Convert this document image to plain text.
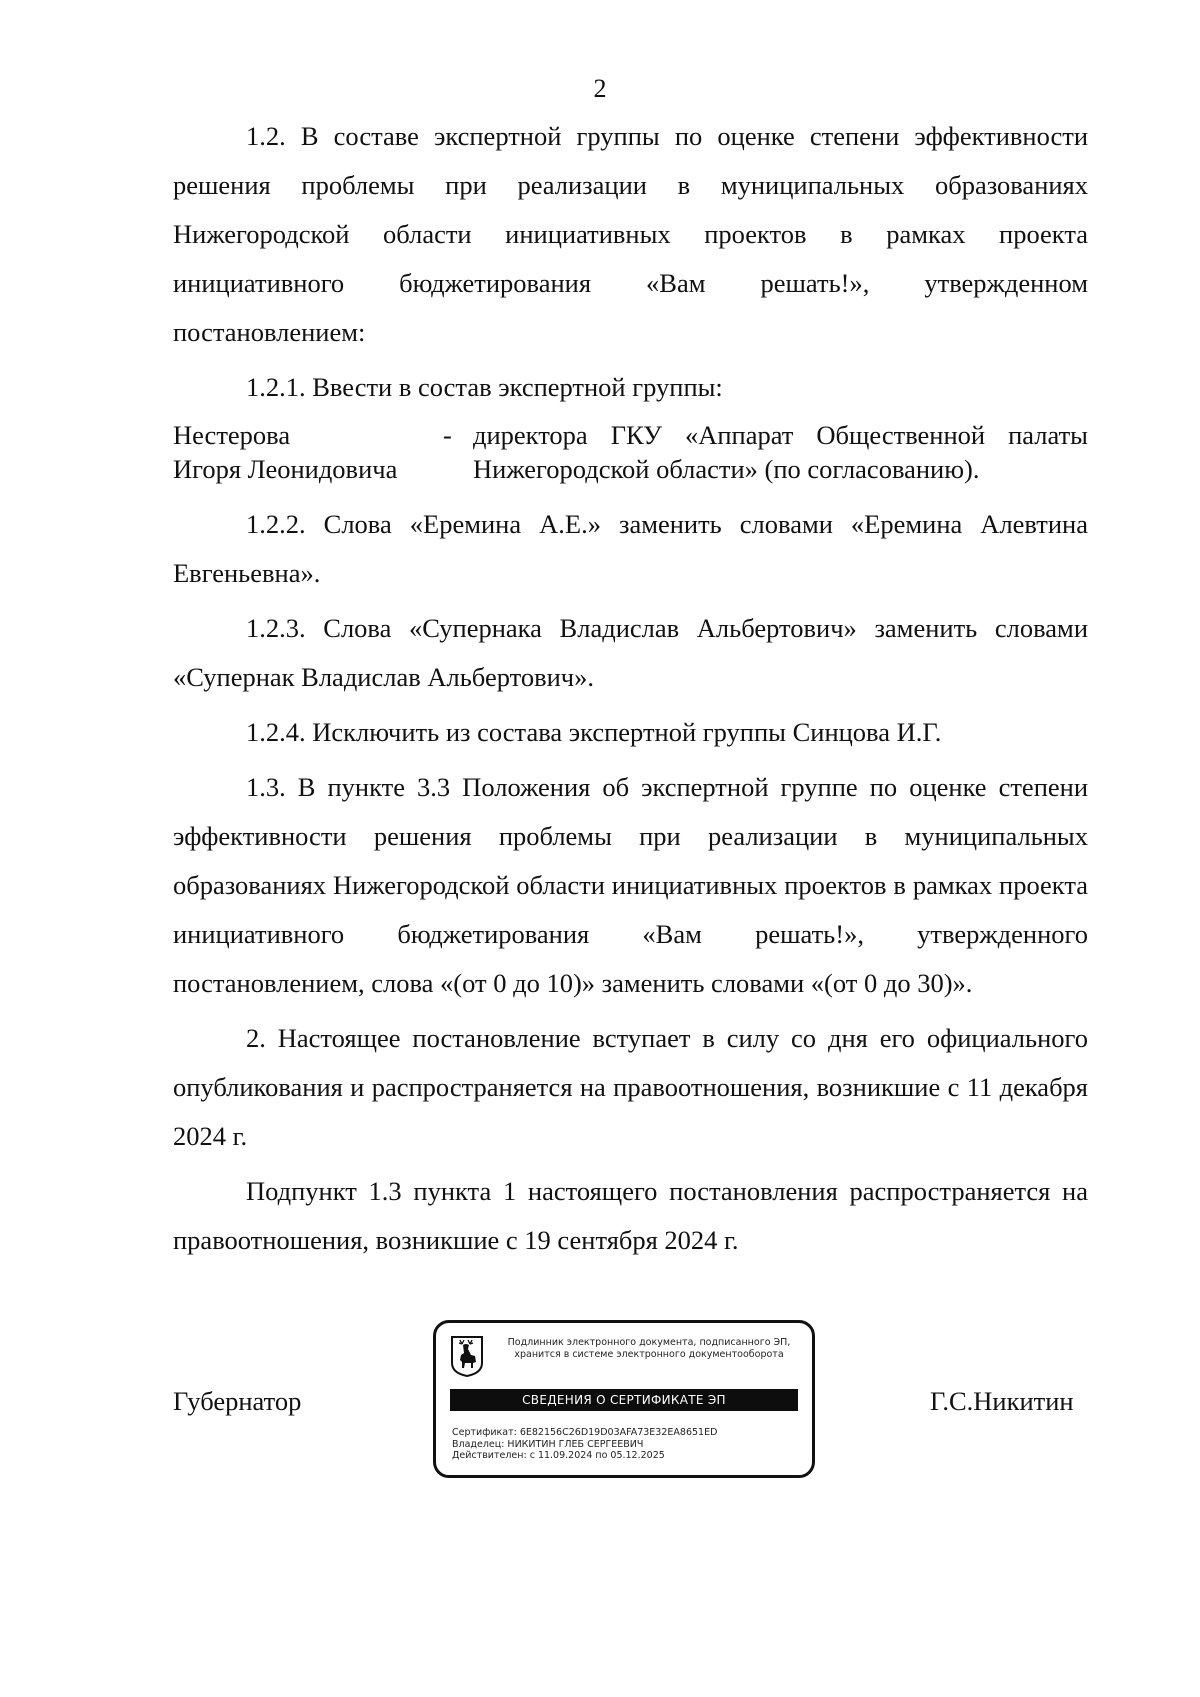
2

1.2. В составе экспертной группы по оценке степени эффективности решения проблемы при реализации в муниципальных образованиях Нижегородской области инициативных проектов в рамках проекта инициативного бюджетирования «Вам решать!», утвержденном постановлением:

1.2.1. Ввести в состав экспертной группы:

Нестерова
Игоря Леонидовича
- директора ГКУ «Аппарат Общественной палаты Нижегородской области» (по согласованию).

1.2.2. Слова «Еремина А.Е.» заменить словами «Еремина Алевтина Евгеньевна».

1.2.3. Слова «Супернака Владислав Альбертович» заменить словами «Супернак Владислав Альбертович».

1.2.4. Исключить из состава экспертной группы Синцова И.Г.

1.3. В пункте 3.3 Положения об экспертной группе по оценке степени эффективности решения проблемы при реализации в муниципальных образованиях Нижегородской области инициативных проектов в рамках проекта инициативного бюджетирования «Вам решать!», утвержденного постановлением, слова «(от 0 до 10)» заменить словами «(от 0 до 30)».

2. Настоящее постановление вступает в силу со дня его официального опубликования и распространяется на правоотношения, возникшие с 11 декабря 2024 г.

Подпункт 1.3 пункта 1 настоящего постановления распространяется на правоотношения, возникшие с 19 сентября 2024 г.

Губернатор
Подлинник электронного документа, подписанного ЭП,
хранится в системе электронного документооборота
СВЕДЕНИЯ О СЕРТИФИКАТЕ ЭП
Сертификат: 6E82156C26D19D03AFA73E32EA8651ED
Владелец: НИКИТИН ГЛЕБ СЕРГЕЕВИЧ
Действителен: с 11.09.2024 по 05.12.2025
Г.С.Никитин
